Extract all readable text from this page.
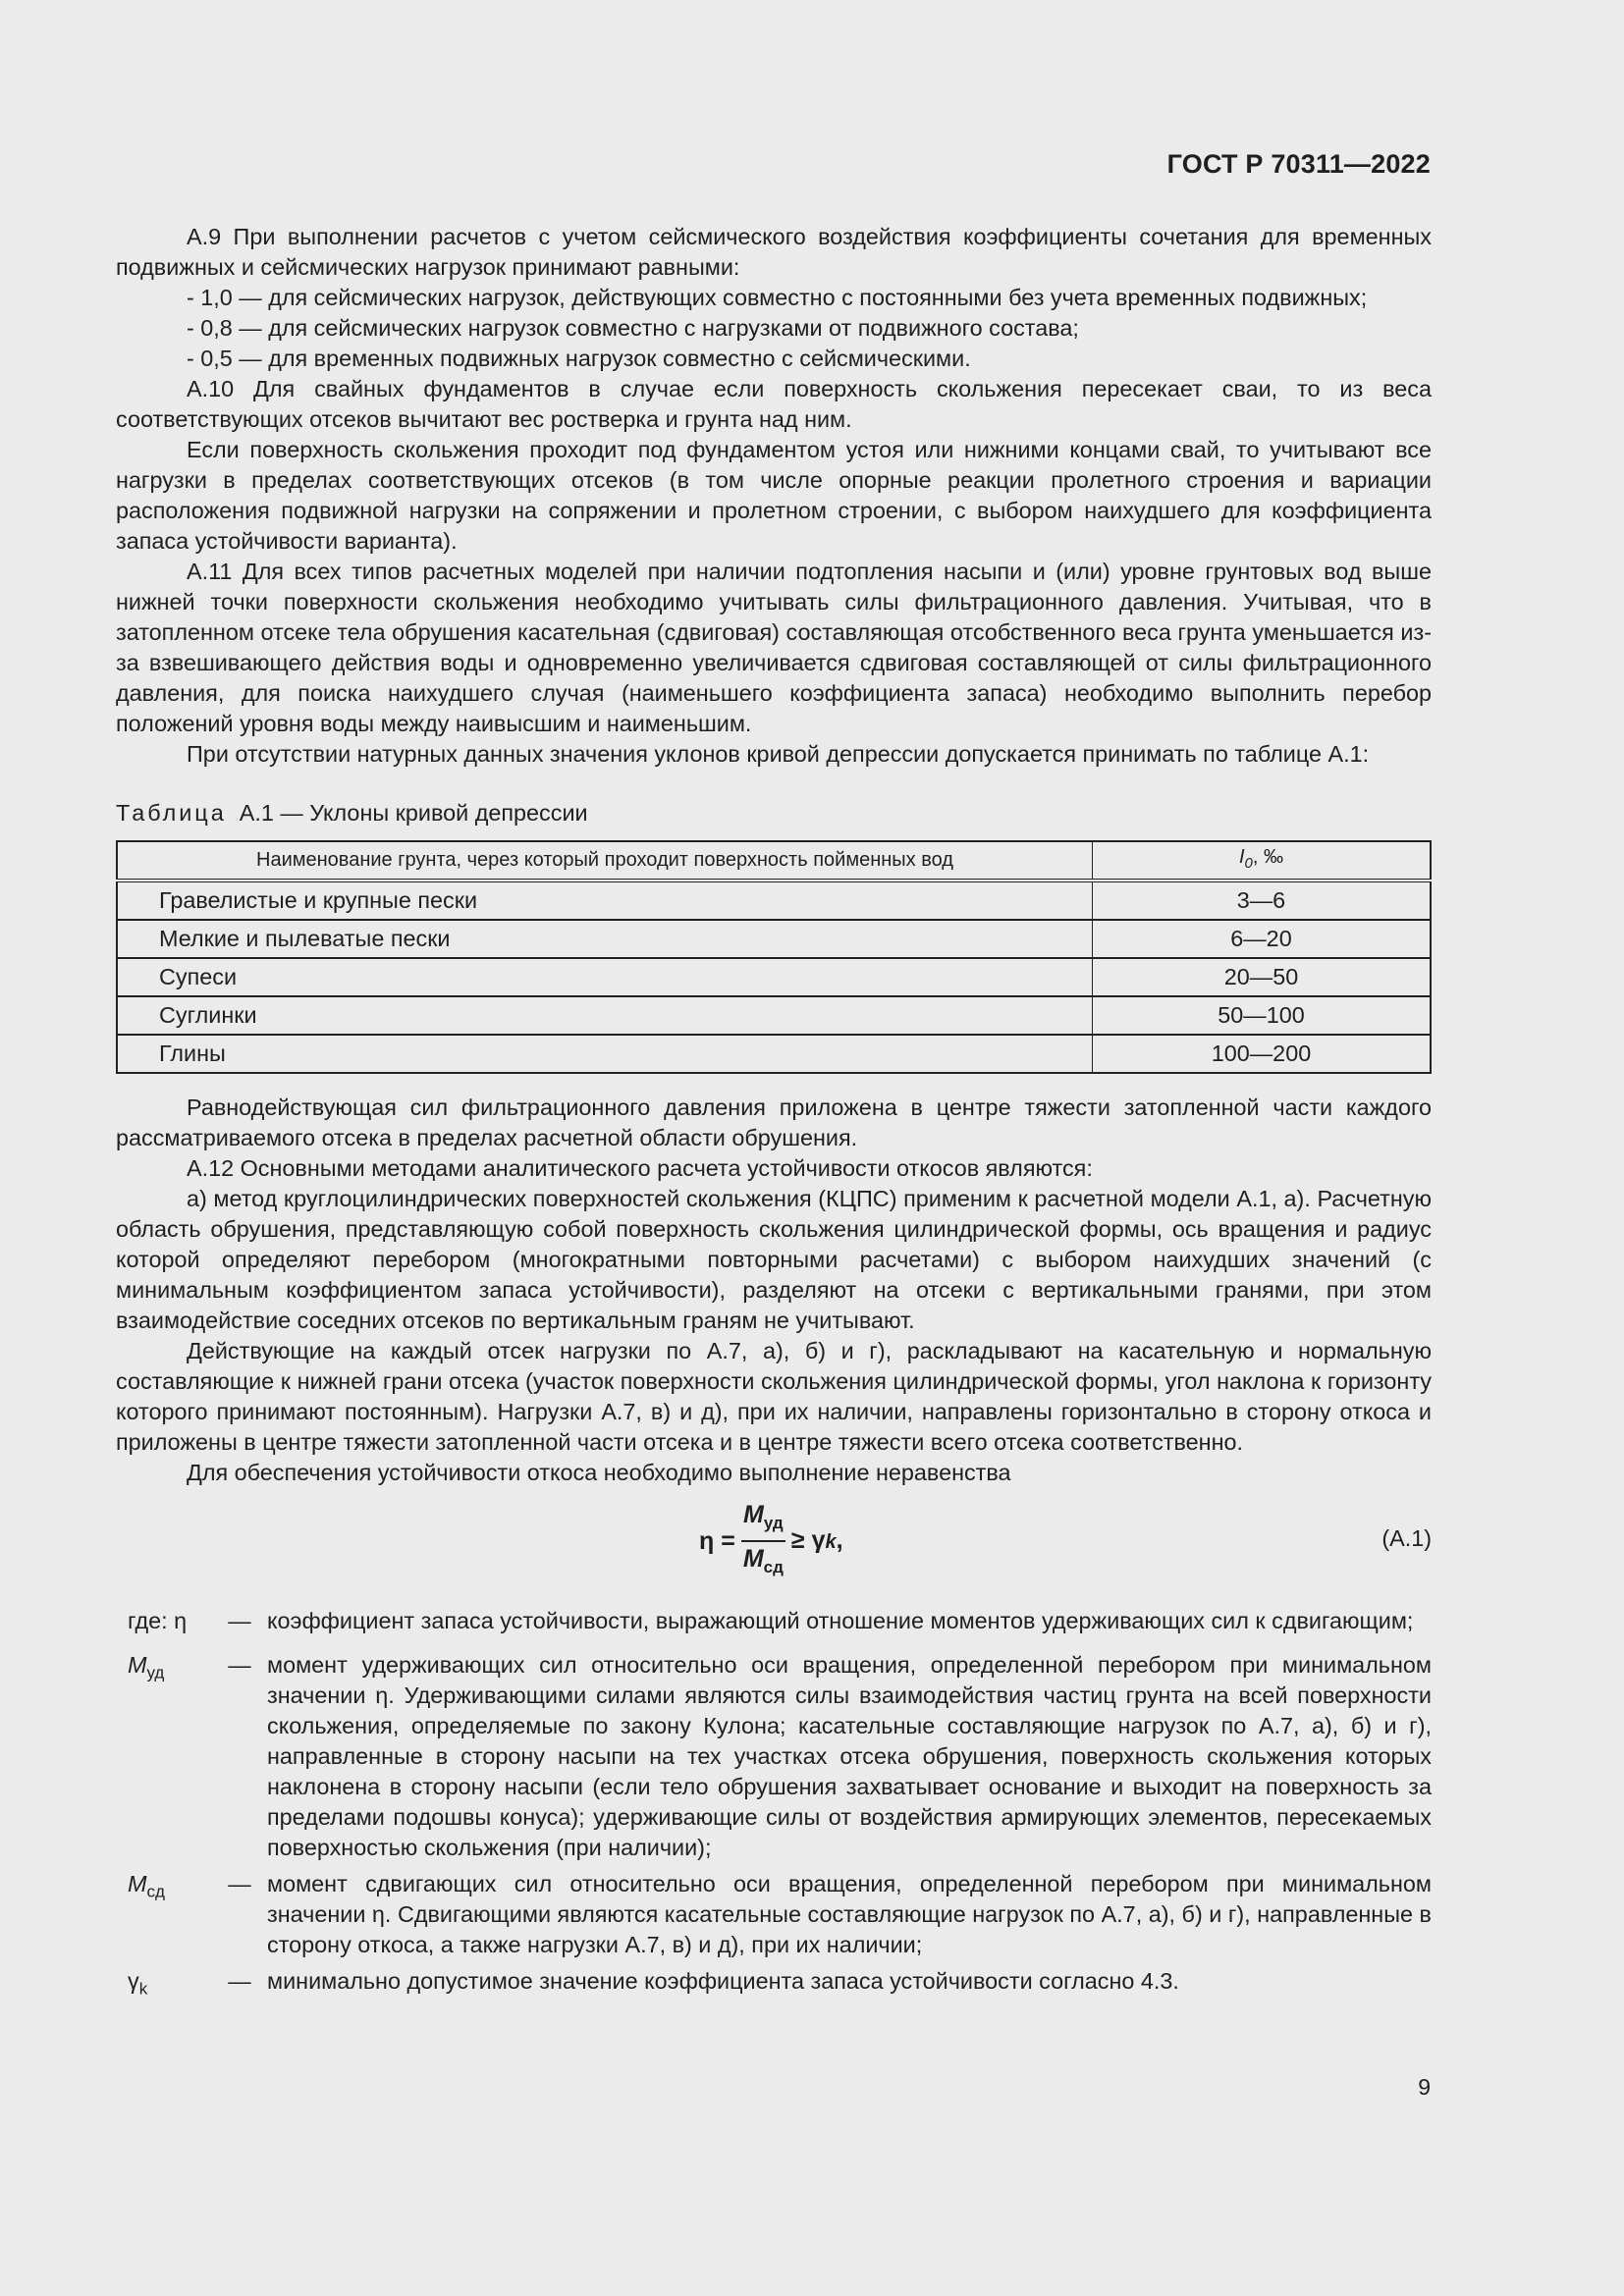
ГОСТ Р 70311—2022

А.9 При выполнении расчетов с учетом сейсмического воздействия коэффициенты сочетания для временных подвижных и сейсмических нагрузок принимают равными:

- 1,0 — для сейсмических нагрузок, действующих совместно с постоянными без учета временных подвижных;

- 0,8 — для сейсмических нагрузок совместно с нагрузками от подвижного состава;

- 0,5 — для временных подвижных нагрузок совместно с сейсмическими.

А.10 Для свайных фундаментов в случае если поверхность скольжения пересекает сваи, то из веса соответствующих отсеков вычитают вес ростверка и грунта над ним.

Если поверхность скольжения проходит под фундаментом устоя или нижними концами свай, то учитывают все нагрузки в пределах соответствующих отсеков (в том числе опорные реакции пролетного строения и вариации расположения подвижной нагрузки на сопряжении и пролетном строении, с выбором наихудшего для коэффициента запаса устойчивости варианта).

А.11 Для всех типов расчетных моделей при наличии подтопления насыпи и (или) уровне грунтовых вод выше нижней точки поверхности скольжения необходимо учитывать силы фильтрационного давления. Учитывая, что в затопленном отсеке тела обрушения касательная (сдвиговая) составляющая отсобственного веса грунта уменьшается из-за взвешивающего действия воды и одновременно увеличивается сдвиговая составляющей от силы фильтрационного давления, для поиска наихудшего случая (наименьшего коэффициента запаса) необходимо выполнить перебор положений уровня воды между наивысшим и наименьшим.

При отсутствии натурных данных значения уклонов кривой депрессии допускается принимать по таблице А.1:

Таблица А.1 — Уклоны кривой депрессии
Наименование грунта, через который проходит поверхность пойменных вод	$I_0$, ‰
Гравелистые и крупные пески	3—6
Мелкие и пылеватые пески	6—20
Супеси	20—50
Суглинки	50—100
Глины	100—200

Равнодействующая сил фильтрационного давления приложена в центре тяжести затопленной части каждого рассматриваемого отсека в пределах расчетной области обрушения.

А.12 Основными методами аналитического расчета устойчивости откосов являются:

а) метод круглоцилиндрических поверхностей скольжения (КЦПС) применим к расчетной модели А.1, а). Расчетную область обрушения, представляющую собой поверхность скольжения цилиндрической формы, ось вращения и радиус которой определяют перебором (многократными повторными расчетами) с выбором наихудших значений (с минимальным коэффициентом запаса устойчивости), разделяют на отсеки с вертикальными гранями, при этом взаимодействие соседних отсеков по вертикальным граням не учитывают.

Действующие на каждый отсек нагрузки по А.7, а), б) и г), раскладывают на касательную и нормальную составляющие к нижней грани отсека (участок поверхности скольжения цилиндрической формы, угол наклона к горизонту которого принимают постоянным). Нагрузки А.7, в) и д), при их наличии, направлены горизонтально в сторону откоса и приложены в центре тяжести затопленной части отсека и в центре тяжести всего отсека соответственно.

Для обеспечения устойчивости откоса необходимо выполнение неравенства

$\eta = \frac{M_{уд}}{M_{сд}} \ge \gamma k$,	(А.1)
где: η	— коэффициент запаса устойчивости, выражающий отношение моментов удерживающих сил к сдвигающим;
$M_{уд}$	— момент удерживающих сил относительно оси вращения, определенной перебором при минимальном значении η. Удерживающими силами являются силы взаимодействия частиц грунта на всей поверхности скольжения, определяемые по закону Кулона; касательные составляющие нагрузок по А.7, а), б) и г), направленные в сторону насыпи на тех участках отсека обрушения, поверхность скольжения которых наклонена в сторону насыпи (если тело обрушения захватывает основание и выходит на поверхность за пределами подошвы конуса); удерживающие силы от воздействия армирующих элементов, пересекаемых поверхностью скольжения (при наличии);
$M_{сд}$	— момент сдвигающих сил относительно оси вращения, определенной перебором при минимальном значении η. Сдвигающими являются касательные составляющие нагрузок по А.7, а), б) и г), направленные в сторону откоса, а также нагрузки А.7, в) и д), при их наличии;
$\gamma_k$	— минимально допустимое значение коэффициента запаса устойчивости согласно 4.3.
9
